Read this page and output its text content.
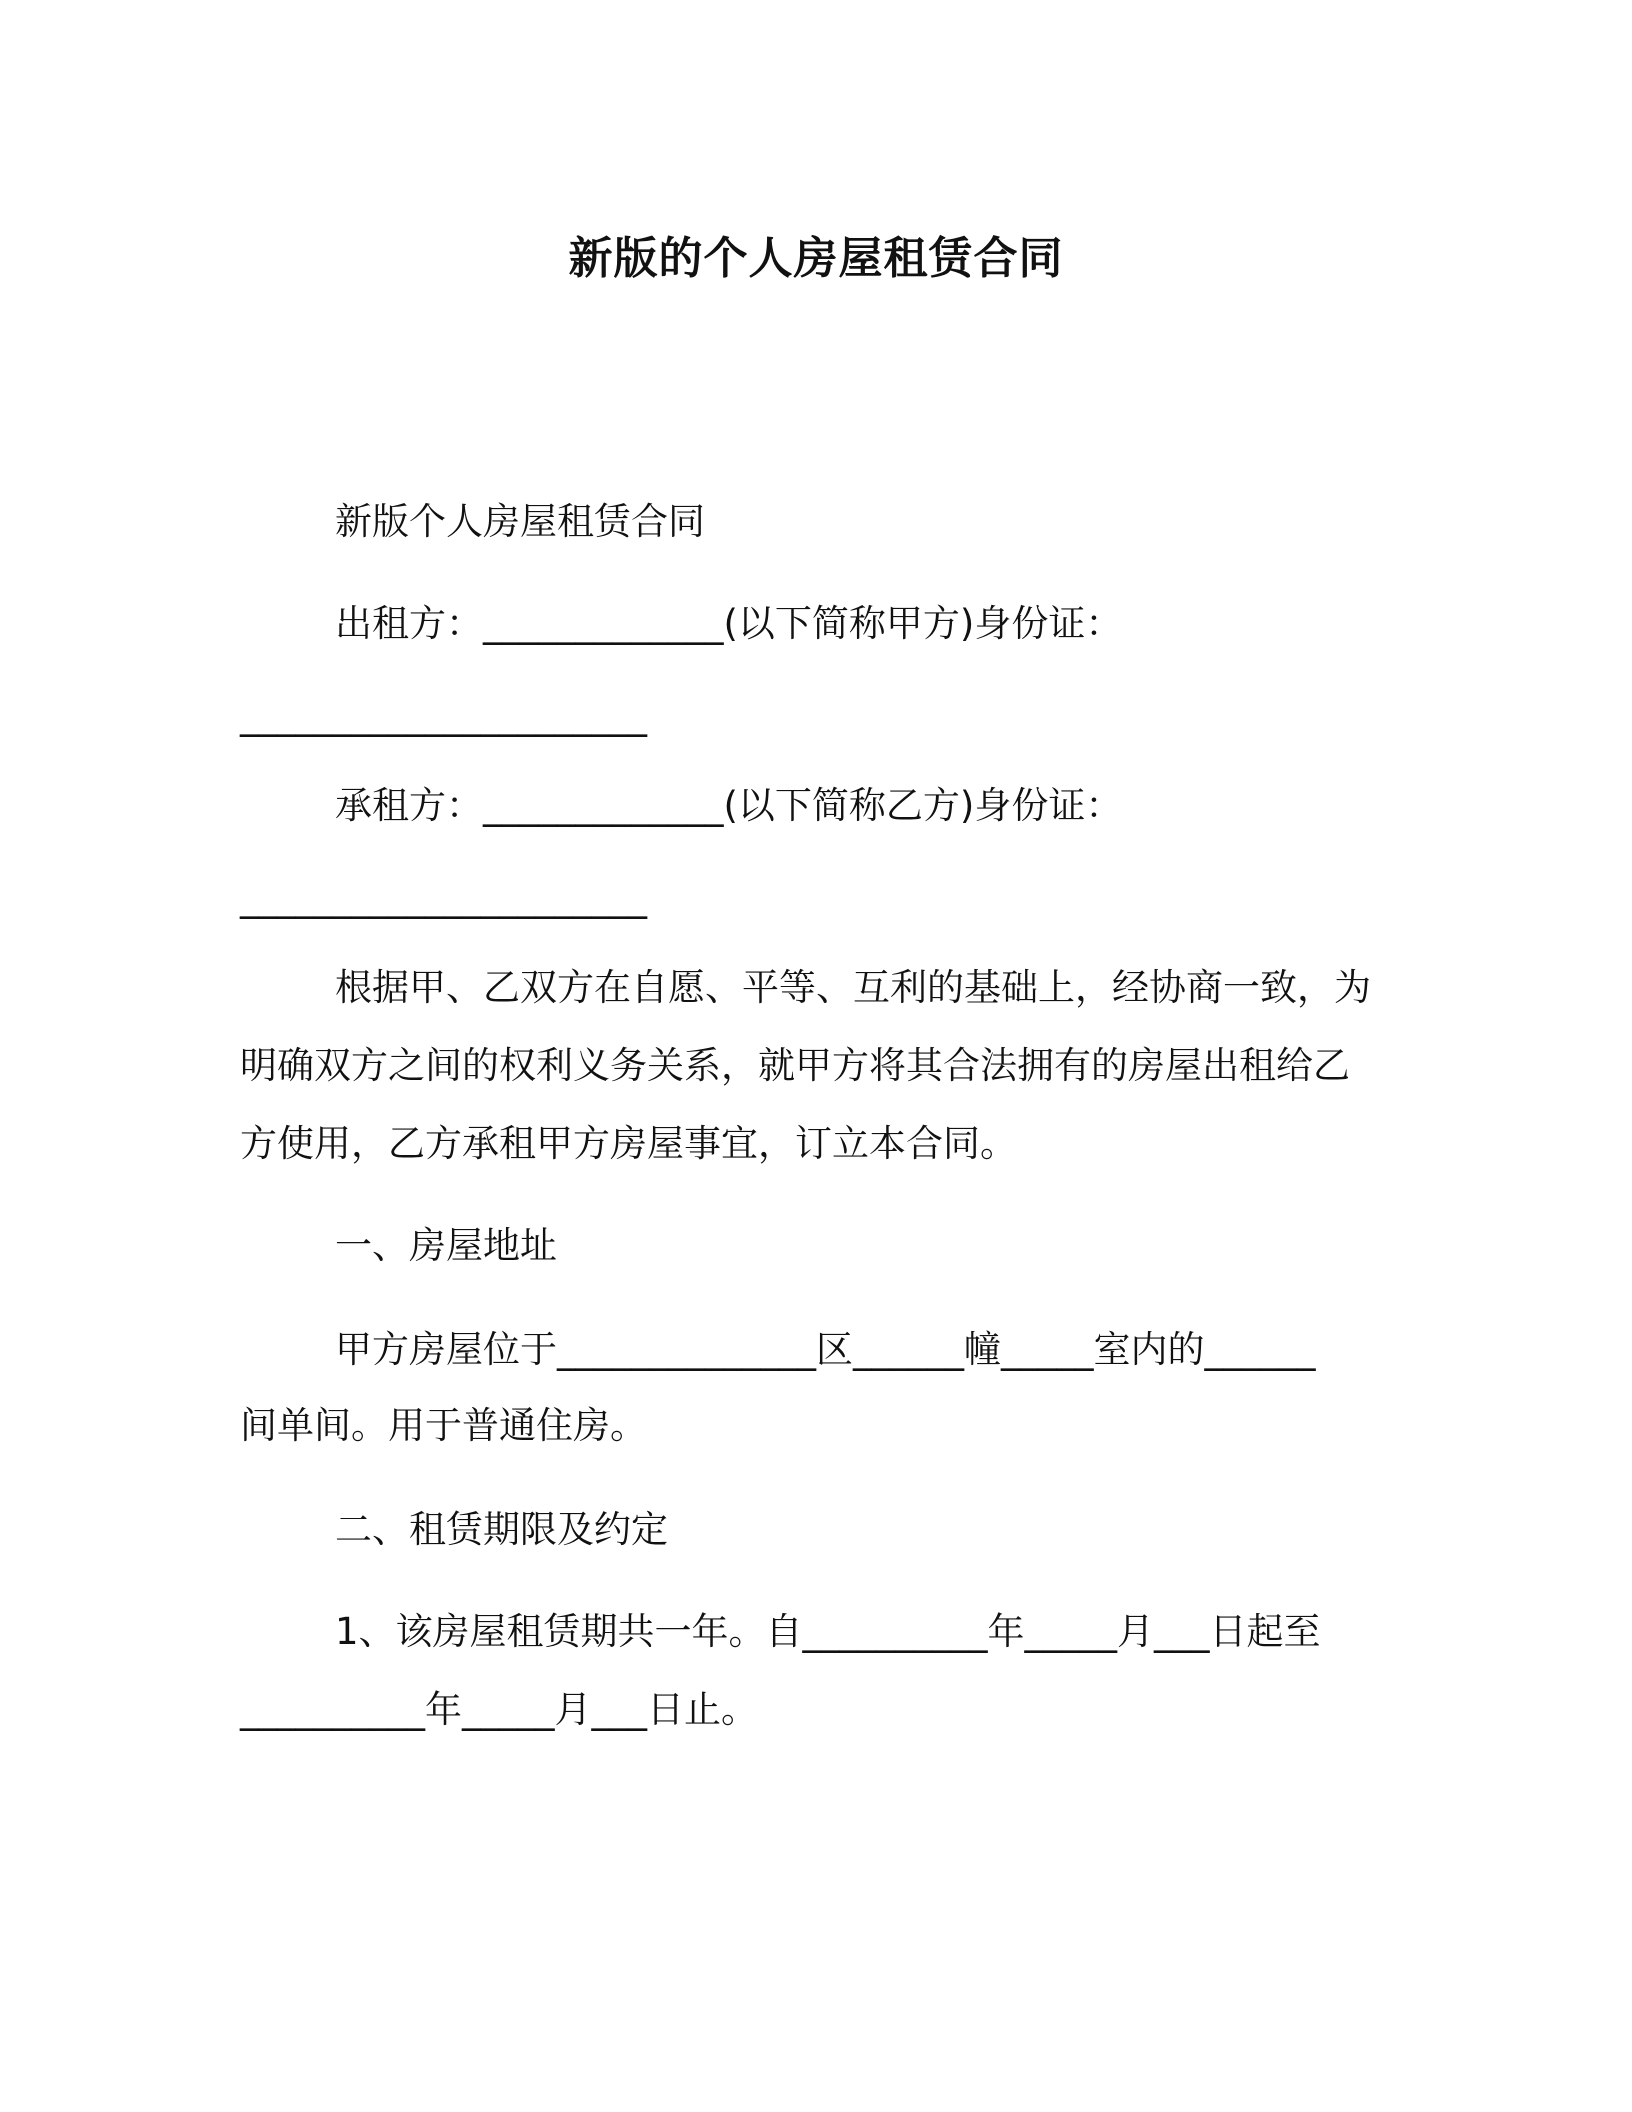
新版的个人房屋租赁合同

新版个人房屋租赁合同

出租方：_____________(以下简称甲方)身份证：

______________________

承租方：_____________(以下简称乙方)身份证：

______________________

根据甲、乙双方在自愿、平等、互利的基础上，经协商一致，为

明确双方之间的权利义务关系，就甲方将其合法拥有的房屋出租给乙

方使用，乙方承租甲方房屋事宜，订立本合同。

一、房屋地址

甲方房屋位于______________区______幢_____室内的______

间单间。用于普通住房。

二、租赁期限及约定

1、该房屋租赁期共一年。自__________年_____月___日起至

__________年_____月___日止。
